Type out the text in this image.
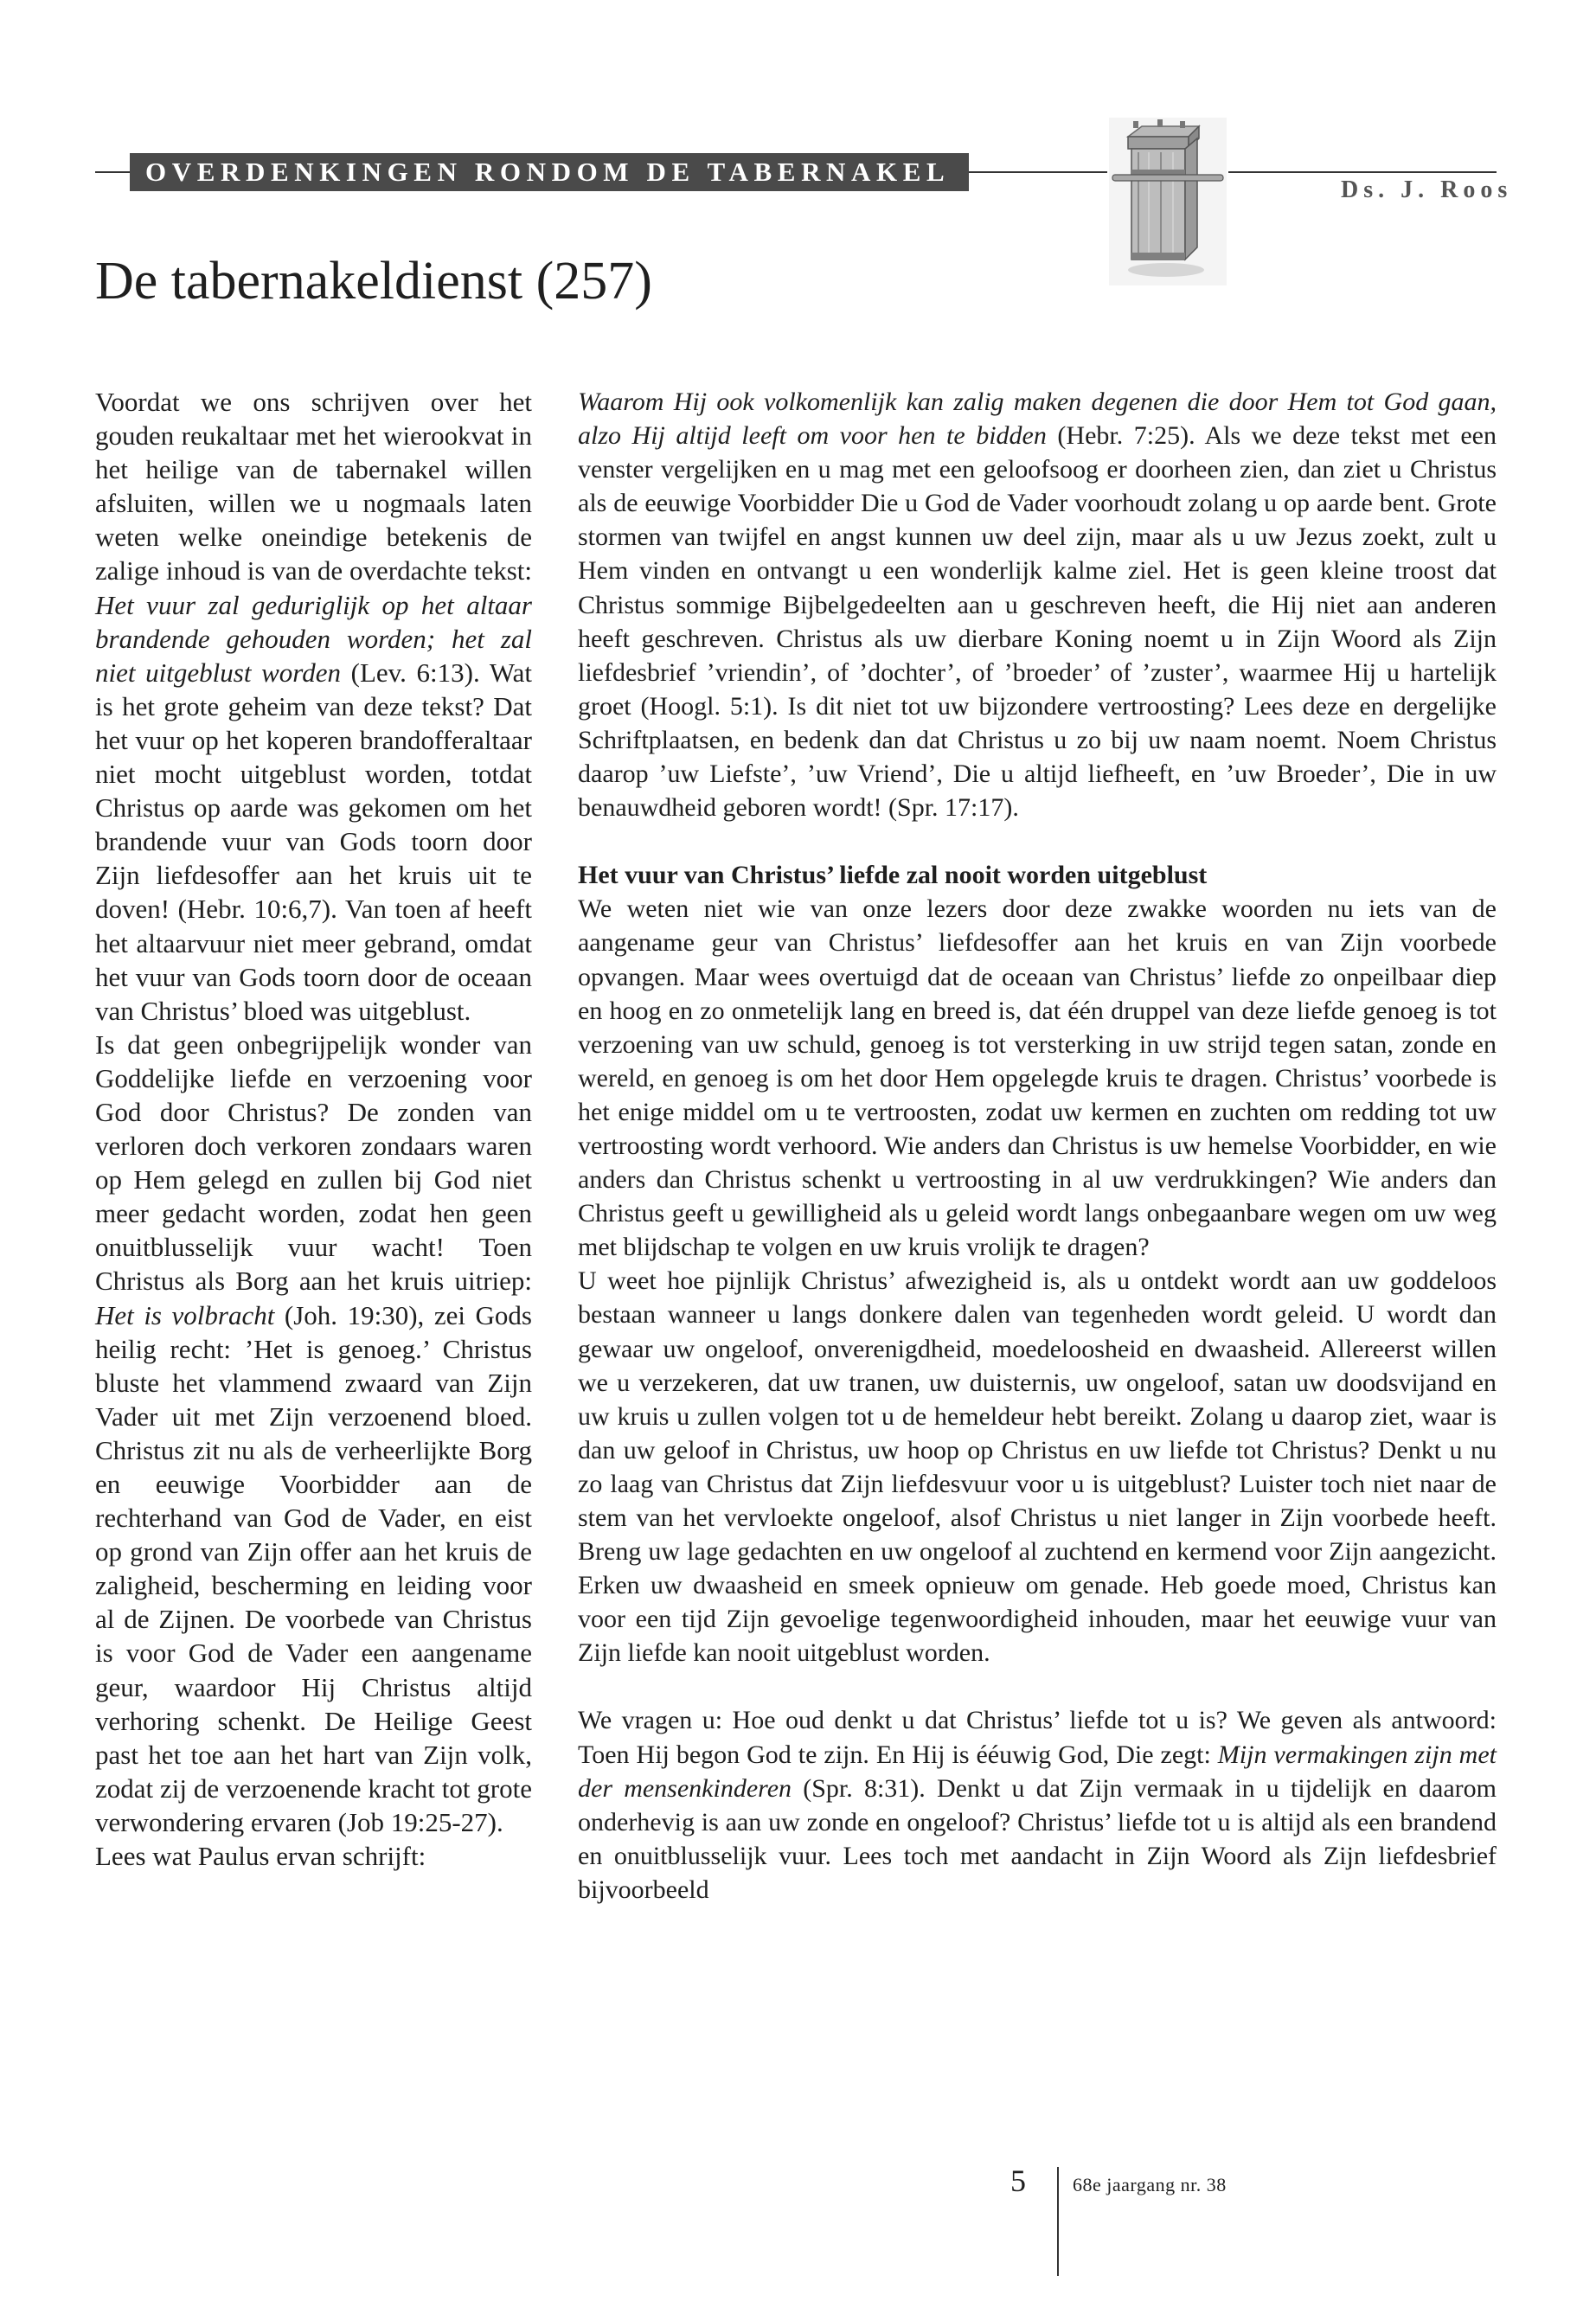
OVERDENKINGEN RONDOM DE TABERNAKEL
Ds. J. Roos
De tabernakeldienst (257)

Voordat we ons schrijven over het gouden reukaltaar met het wierookvat in het heilige van de tabernakel willen afsluiten, willen we u nogmaals laten weten welke oneindige betekenis de zalige inhoud is van de overdachte tekst: Het vuur zal geduriglijk op het altaar brandende gehouden worden; het zal niet uitgeblust worden (Lev. 6:13). Wat is het grote geheim van deze tekst? Dat het vuur op het koperen brandofferaltaar niet mocht uitgeblust worden, totdat Christus op aarde was gekomen om het brandende vuur van Gods toorn door Zijn liefdesoffer aan het kruis uit te doven! (Hebr. 10:6,7). Van toen af heeft het altaarvuur niet meer gebrand, omdat het vuur van Gods toorn door de oceaan van Christus’ bloed was uitgeblust.

Is dat geen onbegrijpelijk wonder van Goddelijke liefde en verzoening voor God door Christus? De zonden van verloren doch verkoren zondaars waren op Hem gelegd en zullen bij God niet meer gedacht worden, zodat hen geen onuitblusselijk vuur wacht! Toen Christus als Borg aan het kruis uitriep: Het is volbracht (Joh. 19:30), zei Gods heilig recht: ’Het is genoeg.’ Christus bluste het vlammend zwaard van Zijn Vader uit met Zijn verzoenend bloed. Christus zit nu als de verheerlijkte Borg en eeuwige Voorbidder aan de rechterhand van God de Vader, en eist op grond van Zijn offer aan het kruis de zaligheid, bescherming en leiding voor al de Zijnen. De voorbede van Christus is voor God de Vader een aangename geur, waardoor Hij Christus altijd verhoring schenkt. De Heilige Geest past het toe aan het hart van Zijn volk, zodat zij de verzoenende kracht tot grote verwondering ervaren (Job 19:25-27).

Lees wat Paulus ervan schrijft:

Waarom Hij ook volkomenlijk kan zalig maken degenen die door Hem tot God gaan, alzo Hij altijd leeft om voor hen te bidden (Hebr. 7:25). Als we deze tekst met een venster vergelijken en u mag met een geloofsoog er doorheen zien, dan ziet u Christus als de eeuwige Voorbidder Die u God de Vader voorhoudt zolang u op aarde bent. Grote stormen van twijfel en angst kunnen uw deel zijn, maar als u uw Jezus zoekt, zult u Hem vinden en ontvangt u een wonderlijk kalme ziel. Het is geen kleine troost dat Christus sommige Bijbelgedeelten aan u geschreven heeft, die Hij niet aan anderen heeft geschreven. Christus als uw dierbare Koning noemt u in Zijn Woord als Zijn liefdesbrief ’vriendin’, of ’dochter’, of ’broeder’ of ’zuster’, waarmee Hij u hartelijk groet (Hoogl. 5:1). Is dit niet tot uw bijzondere vertroosting? Lees deze en dergelijke Schriftplaatsen, en bedenk dan dat Christus u zo bij uw naam noemt. Noem Christus daarop ’uw Liefste’, ’uw Vriend’, Die u altijd liefheeft, en ’uw Broeder’, Die in uw benauwdheid geboren wordt! (Spr. 17:17).

Het vuur van Christus’ liefde zal nooit worden uitgeblust

We weten niet wie van onze lezers door deze zwakke woorden nu iets van de aangename geur van Christus’ liefdesoffer aan het kruis en van Zijn voorbede opvangen. Maar wees overtuigd dat de oceaan van Christus’ liefde zo onpeilbaar diep en hoog en zo onmetelijk lang en breed is, dat één druppel van deze liefde genoeg is tot verzoening van uw schuld, genoeg is tot versterking in uw strijd tegen satan, zonde en wereld, en genoeg is om het door Hem opgelegde kruis te dragen. Christus’ voorbede is het enige middel om u te vertroosten, zodat uw kermen en zuchten om redding tot uw vertroosting wordt verhoord. Wie anders dan Christus is uw hemelse Voorbidder, en wie anders dan Christus schenkt u vertroosting in al uw verdrukkingen? Wie anders dan Christus geeft u gewilligheid als u geleid wordt langs onbegaanbare wegen om uw weg met blijdschap te volgen en uw kruis vrolijk te dragen?

U weet hoe pijnlijk Christus’ afwezigheid is, als u ontdekt wordt aan uw goddeloos bestaan wanneer u langs donkere dalen van tegenheden wordt geleid. U wordt dan gewaar uw ongeloof, onverenigdheid, moedeloosheid en dwaasheid. Allereerst willen we u verzekeren, dat uw tranen, uw duisternis, uw ongeloof, satan uw doodsvijand en uw kruis u zullen volgen tot u de hemeldeur hebt bereikt. Zolang u daarop ziet, waar is dan uw geloof in Christus, uw hoop op Christus en uw liefde tot Christus? Denkt u nu zo laag van Christus dat Zijn liefdesvuur voor u is uitgeblust? Luister toch niet naar de stem van het vervloekte ongeloof, alsof Christus u niet langer in Zijn voorbede heeft. Breng uw lage gedachten en uw ongeloof al zuchtend en kermend voor Zijn aangezicht. Erken uw dwaasheid en smeek opnieuw om genade. Heb goede moed, Christus kan voor een tijd Zijn gevoelige tegenwoordigheid inhouden, maar het eeuwige vuur van Zijn liefde kan nooit uitgeblust worden.

We vragen u: Hoe oud denkt u dat Christus’ liefde tot u is? We geven als antwoord: Toen Hij begon God te zijn. En Hij is ééuwig God, Die zegt: Mijn vermakingen zijn met der mensenkinderen (Spr. 8:31). Denkt u dat Zijn vermaak in u tijdelijk en daarom onderhevig is aan uw zonde en ongeloof? Christus’ liefde tot u is altijd als een brandend en onuitblusselijk vuur. Lees toch met aandacht in Zijn Woord als Zijn liefdesbrief bijvoorbeeld

5 68e jaargang nr. 38
